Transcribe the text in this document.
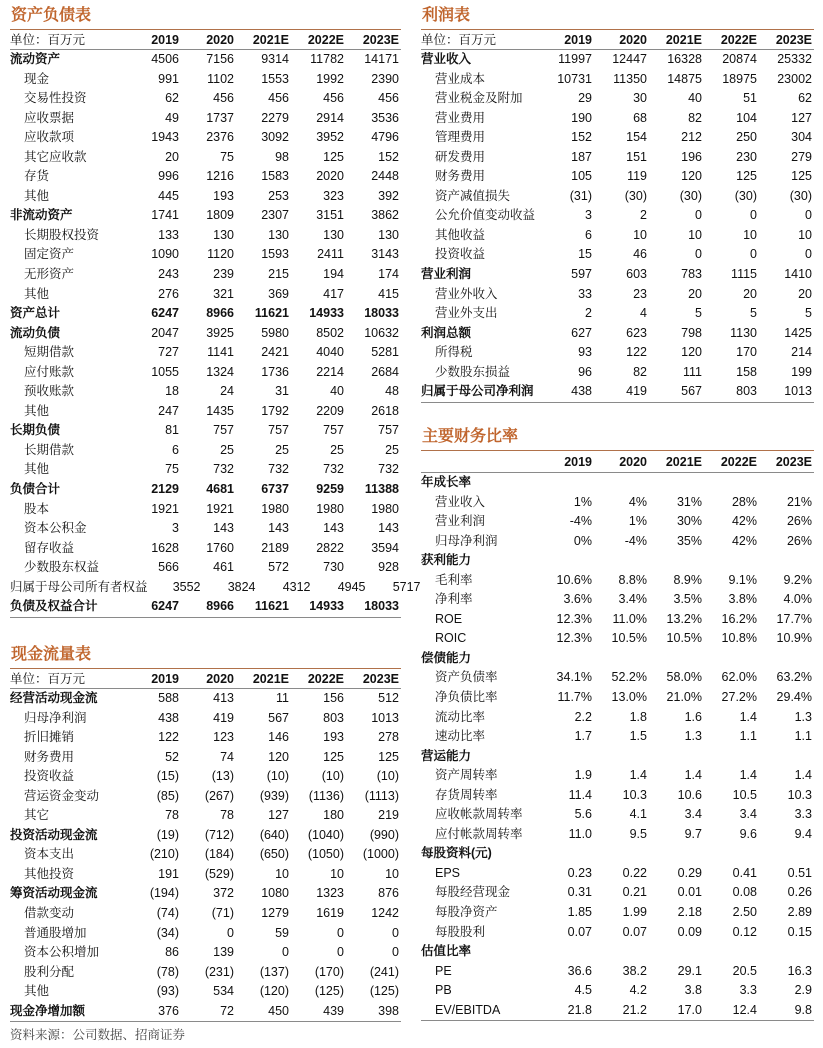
资产负债表
单位：百万元	2019	2020	2021E	2022E	2023E
流动资产	4506	7156	9314	11782	14171
现金	991	1102	1553	1992	2390
交易性投资	62	456	456	456	456
应收票据	49	1737	2279	2914	3536
应收款项	1943	2376	3092	3952	4796
其它应收款	20	75	98	125	152
存货	996	1216	1583	2020	2448
其他	445	193	253	323	392
非流动资产	1741	1809	2307	3151	3862
长期股权投资	133	130	130	130	130
固定资产	1090	1120	1593	2411	3143
无形资产	243	239	215	194	174
其他	276	321	369	417	415
资产总计	6247	8966	11621	14933	18033
流动负债	2047	3925	5980	8502	10632
短期借款	727	1141	2421	4040	5281
应付账款	1055	1324	1736	2214	2684
预收账款	18	24	31	40	48
其他	247	1435	1792	2209	2618
长期负债	81	757	757	757	757
长期借款	6	25	25	25	25
其他	75	732	732	732	732
负债合计	2129	4681	6737	9259	11388
股本	1921	1921	1980	1980	1980
资本公积金	3	143	143	143	143
留存收益	1628	1760	2189	2822	3594
少数股东权益	566	461	572	730	928
归属于母公司所有者权益	3552	3824	4312	4945	5717
负债及权益合计	6247	8966	11621	14933	18033
现金流量表
单位：百万元	2019	2020	2021E	2022E	2023E
经营活动现金流	588	413	11	156	512
归母净利润	438	419	567	803	1013
折旧摊销	122	123	146	193	278
财务费用	52	74	120	125	125
投资收益	(15)	(13)	(10)	(10)	(10)
营运资金变动	(85)	(267)	(939)	(1136)	(1113)
其它	78	78	127	180	219
投资活动现金流	(19)	(712)	(640)	(1040)	(990)
资本支出	(210)	(184)	(650)	(1050)	(1000)
其他投资	191	(529)	10	10	10
筹资活动现金流	(194)	372	1080	1323	876
借款变动	(74)	(71)	1279	1619	1242
普通股增加	(34)	0	59	0	0
资本公积增加	86	139	0	0	0
股利分配	(78)	(231)	(137)	(170)	(241)
其他	(93)	534	(120)	(125)	(125)
现金净增加额	376	72	450	439	398
利润表
单位：百万元	2019	2020	2021E	2022E	2023E
营业收入	11997	12447	16328	20874	25332
营业成本	10731	11350	14875	18975	23002
营业税金及附加	29	30	40	51	62
营业费用	190	68	82	104	127
管理费用	152	154	212	250	304
研发费用	187	151	196	230	279
财务费用	105	119	120	125	125
资产减值损失	(31)	(30)	(30)	(30)	(30)
公允价值变动收益	3	2	0	0	0
其他收益	6	10	10	10	10
投资收益	15	46	0	0	0
营业利润	597	603	783	1115	1410
营业外收入	33	23	20	20	20
营业外支出	2	4	5	5	5
利润总额	627	623	798	1130	1425
所得税	93	122	120	170	214
少数股东损益	96	82	111	158	199
归属于母公司净利润	438	419	567	803	1013
主要财务比率
2019	2020	2021E	2022E	2023E
年成长率
营业收入	1%	4%	31%	28%	21%
营业利润	-4%	1%	30%	42%	26%
归母净利润	0%	-4%	35%	42%	26%
获利能力
毛利率	10.6%	8.8%	8.9%	9.1%	9.2%
净利率	3.6%	3.4%	3.5%	3.8%	4.0%
ROE	12.3%	11.0%	13.2%	16.2%	17.7%
ROIC	12.3%	10.5%	10.5%	10.8%	10.9%
偿债能力
资产负债率	34.1%	52.2%	58.0%	62.0%	63.2%
净负债比率	11.7%	13.0%	21.0%	27.2%	29.4%
流动比率	2.2	1.8	1.6	1.4	1.3
速动比率	1.7	1.5	1.3	1.1	1.1
营运能力
资产周转率	1.9	1.4	1.4	1.4	1.4
存货周转率	11.4	10.3	10.6	10.5	10.3
应收帐款周转率	5.6	4.1	3.4	3.4	3.3
应付帐款周转率	11.0	9.5	9.7	9.6	9.4
每股资料(元)
EPS	0.23	0.22	0.29	0.41	0.51
每股经营现金	0.31	0.21	0.01	0.08	0.26
每股净资产	1.85	1.99	2.18	2.50	2.89
每股股利	0.07	0.07	0.09	0.12	0.15
估值比率
PE	36.6	38.2	29.1	20.5	16.3
PB	4.5	4.2	3.8	3.3	2.9
EV/EBITDA	21.8	21.2	17.0	12.4	9.8
资料来源：公司数据、招商证券
